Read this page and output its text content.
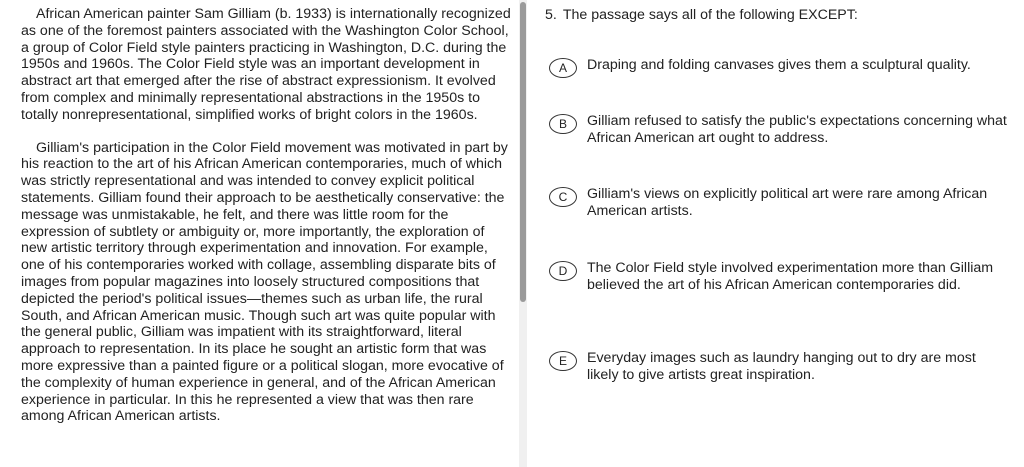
African American painter Sam Gilliam (b. 1933) is internationally recognized as one of the foremost painters associated with the Washington Color School, a group of Color Field style painters practicing in Washington, D.C. during the 1950s and 1960s. The Color Field style was an important development in abstract art that emerged after the rise of abstract expressionism. It evolved from complex and minimally representational abstractions in the 1950s to totally nonrepresentational, simplified works of bright colors in the 1960s.

Gilliam's participation in the Color Field movement was motivated in part by his reaction to the art of his African American contemporaries, much of which was strictly representational and was intended to convey explicit political statements. Gilliam found their approach to be aesthetically conservative: the message was unmistakable, he felt, and there was little room for the expression of subtlety or ambiguity or, more importantly, the exploration of new artistic territory through experimentation and innovation. For example, one of his contemporaries worked with collage, assembling disparate bits of images from popular magazines into loosely structured compositions that depicted the period's political issues—themes such as urban life, the rural South, and African American music. Though such art was quite popular with the general public, Gilliam was impatient with its straightforward, literal approach to representation. In its place he sought an artistic form that was more expressive than a painted figure or a political slogan, more evocative of the complexity of human experience in general, and of the African American experience in particular. In this he represented a view that was then rare among African American artists.

5. The passage says all of the following EXCEPT:
A	Draping and folding canvases gives them a sculptural quality.
B	Gilliam refused to satisfy the public's expectations concerning what African American art ought to address.
C	Gilliam's views on explicitly political art were rare among African American artists.
D	The Color Field style involved experimentation more than Gilliam believed the art of his African American contemporaries did.
E	Everyday images such as laundry hanging out to dry are most likely to give artists great inspiration.
